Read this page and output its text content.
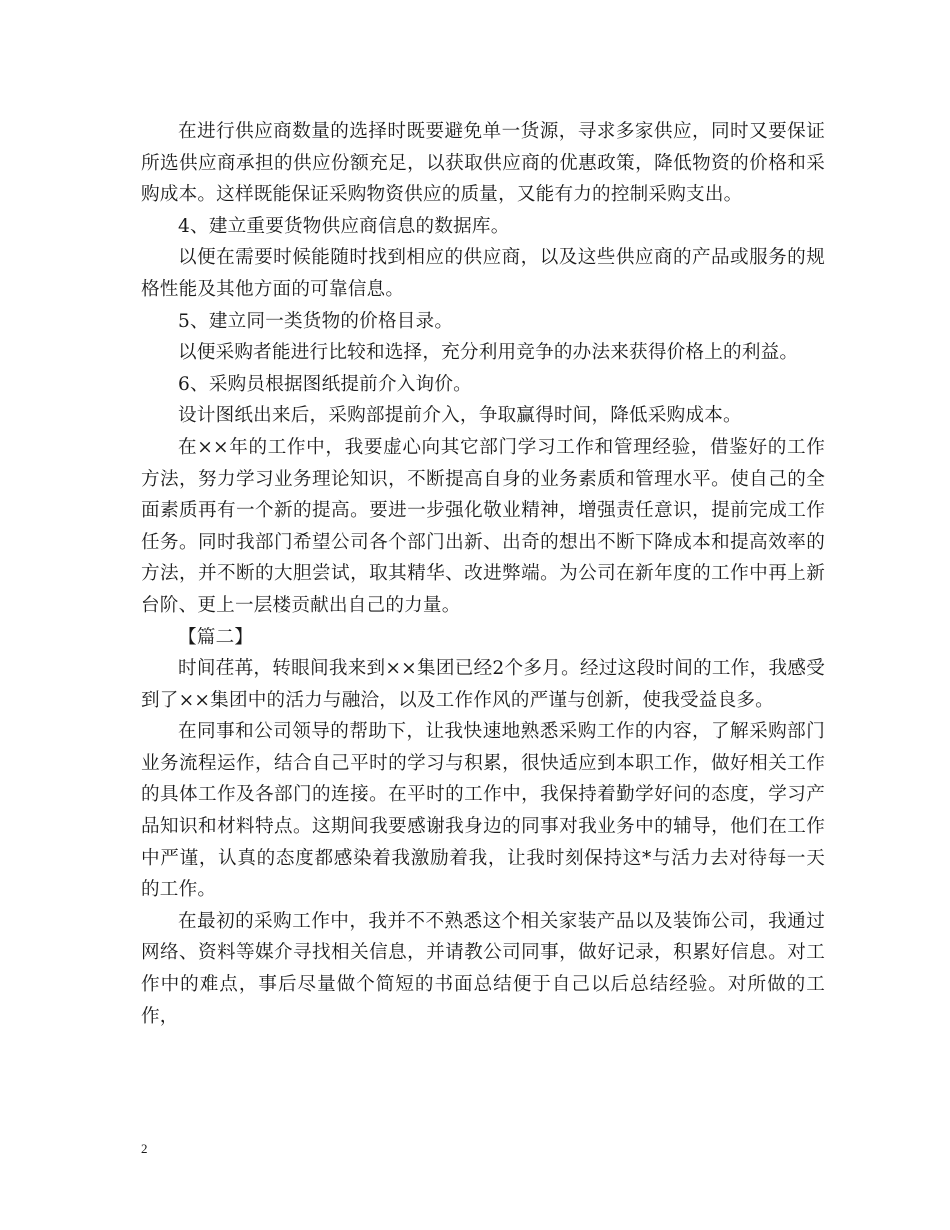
在进行供应商数量的选择时既要避免单一货源，寻求多家供应，同时又要保证所选供应商承担的供应份额充足，以获取供应商的优惠政策，降低物资的价格和采购成本。这样既能保证采购物资供应的质量，又能有力的控制采购支出。

4、建立重要货物供应商信息的数据库。

以便在需要时候能随时找到相应的供应商，以及这些供应商的产品或服务的规格性能及其他方面的可靠信息。

5、建立同一类货物的价格目录。

以便采购者能进行比较和选择，充分利用竞争的办法来获得价格上的利益。

6、采购员根据图纸提前介入询价。

设计图纸出来后，采购部提前介入，争取赢得时间，降低采购成本。

在××年的工作中，我要虚心向其它部门学习工作和管理经验，借鉴好的工作方法，努力学习业务理论知识，不断提高自身的业务素质和管理水平。使自己的全面素质再有一个新的提高。要进一步强化敬业精神，增强责任意识，提前完成工作任务。同时我部门希望公司各个部门出新、出奇的想出不断下降成本和提高效率的方法，并不断的大胆尝试，取其精华、改进弊端。为公司在新年度的工作中再上新台阶、更上一层楼贡献出自己的力量。

【篇二】

时间荏苒，转眼间我来到××集团已经2个多月。经过这段时间的工作，我感受到了××集团中的活力与融洽，以及工作作风的严谨与创新，使我受益良多。

在同事和公司领导的帮助下，让我快速地熟悉采购工作的内容，了解采购部门业务流程运作，结合自己平时的学习与积累，很快适应到本职工作，做好相关工作的具体工作及各部门的连接。在平时的工作中，我保持着勤学好问的态度，学习产品知识和材料特点。这期间我要感谢我身边的同事对我业务中的辅导，他们在工作中严谨，认真的态度都感染着我激励着我，让我时刻保持这*与活力去对待每一天的工作。

在最初的采购工作中，我并不不熟悉这个相关家装产品以及装饰公司，我通过网络、资料等媒介寻找相关信息，并请教公司同事，做好记录，积累好信息。对工作中的难点，事后尽量做个简短的书面总结便于自己以后总结经验。对所做的工作，

2
